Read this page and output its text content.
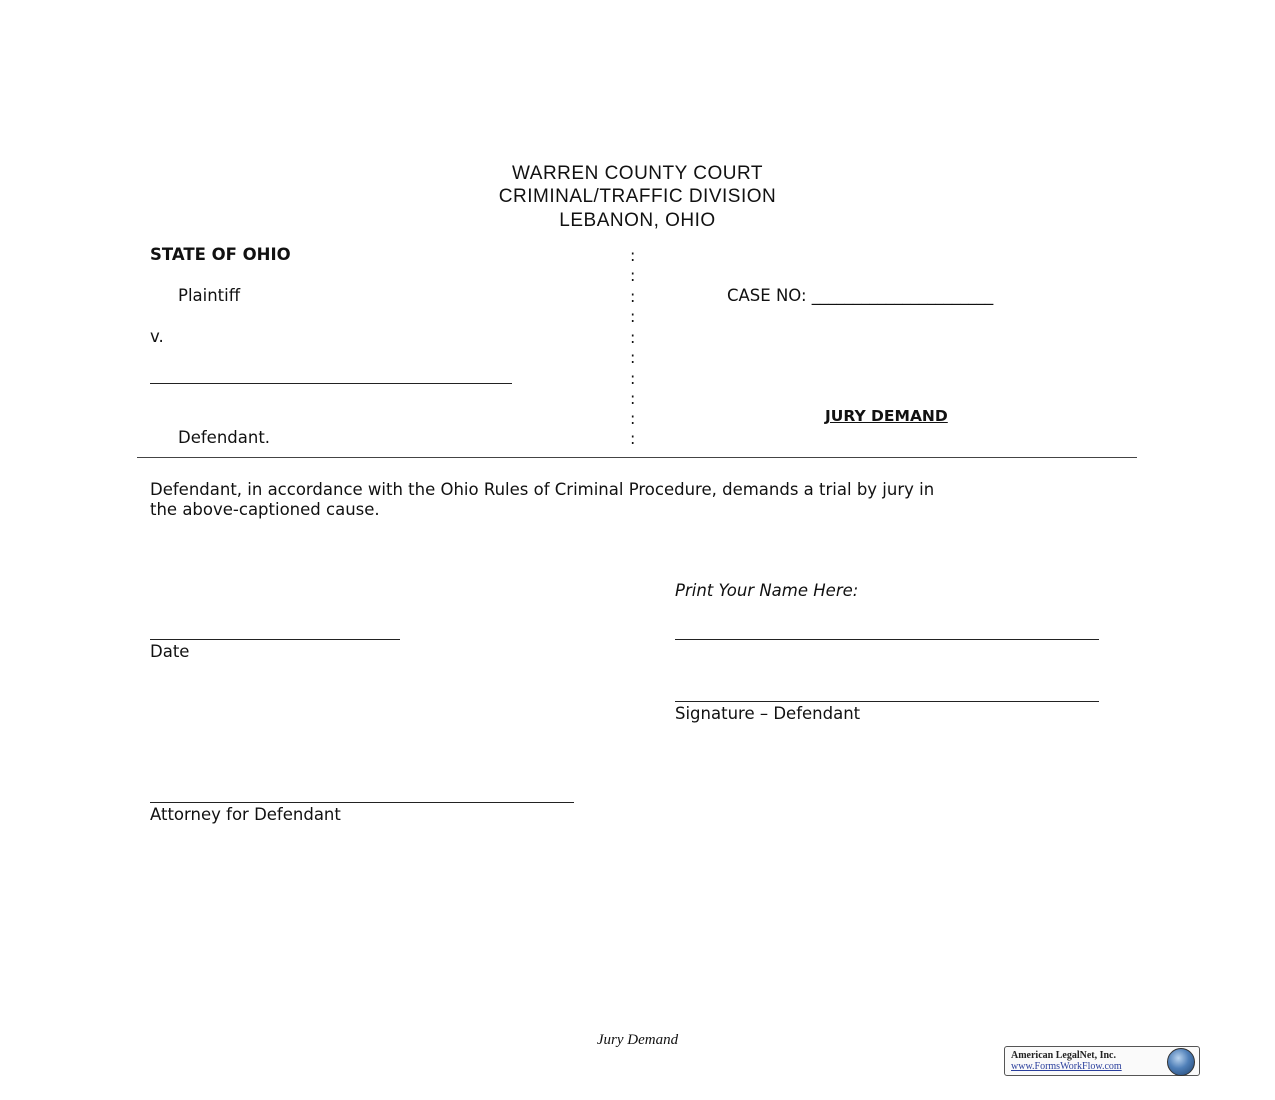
WARREN COUNTY COURT
CRIMINAL/TRAFFIC DIVISION
LEBANON, OHIO
STATE OF OHIO
Plaintiff
v.
Defendant.
:
:
:
:
:
:
:
:
:
:
CASE NO: ______________________
JURY DEMAND
Defendant, in accordance with the Ohio Rules of Criminal Procedure, demands a trial by jury in
the above-captioned cause.
Print Your Name Here:
Date
Signature – Defendant
Attorney for Defendant
Jury Demand
American LegalNet, Inc.
www.FormsWorkFlow.com
